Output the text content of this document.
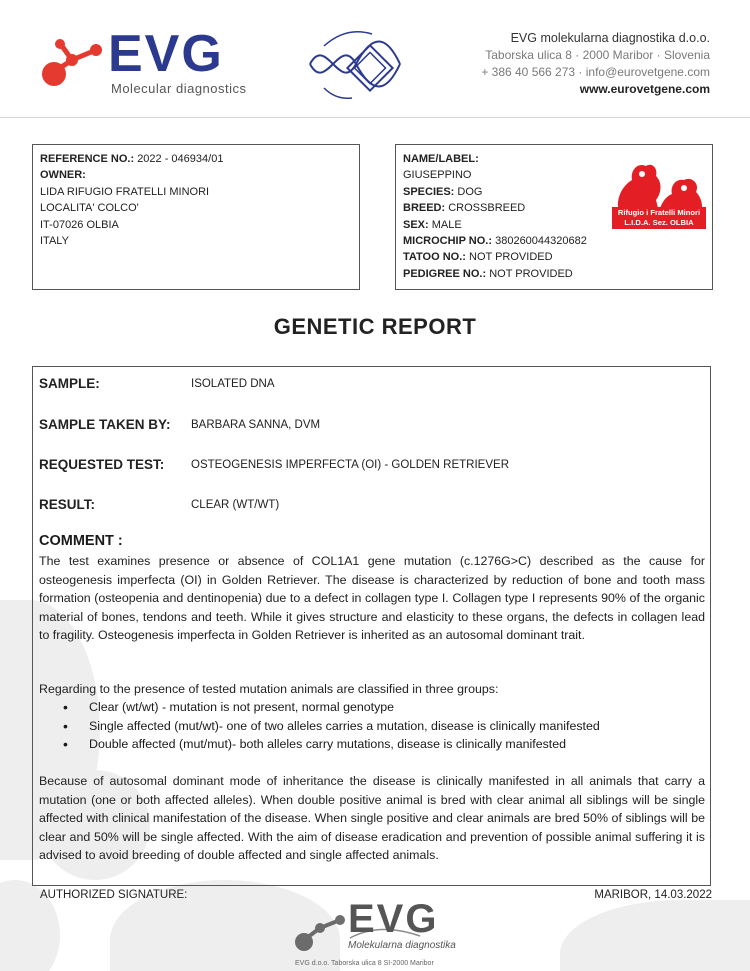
EVG
Molecular diagnostics
EVG molekularna diagnostika d.o.o.
Taborska ulica 8 · 2000 Maribor · Slovenia
+ 386 40 566 273 · info@eurovetgene.com
www.eurovetgene.com
REFERENCE NO.: 2022 - 046934/01
OWNER:
LIDA RIFUGIO FRATELLI MINORI
LOCALITA' COLCO'
IT-07026 OLBIA
ITALY
NAME/LABEL:
GIUSEPPINO
SPECIES: DOG
BREED: CROSSBREED
SEX: MALE
MICROCHIP NO.: 380260044320682
TATOO NO.: NOT PROVIDED
PEDIGREE NO.: NOT PROVIDED
Rifugio i Fratelli Minori L.I.D.A. Sez. OLBIA
GENETIC REPORT
SAMPLE:	ISOLATED DNA
SAMPLE TAKEN BY: BARBARA SANNA, DVM
REQUESTED TEST: OSTEOGENESIS IMPERFECTA (OI) - GOLDEN RETRIEVER
RESULT:	CLEAR (WT/WT)
COMMENT :
The test examines presence or absence of COL1A1 gene mutation (c.1276G>C) described as the cause for osteogenesis imperfecta (OI) in Golden Retriever. The disease is characterized by reduction of bone and tooth mass formation (osteopenia and dentinopenia) due to a defect in collagen type I. Collagen type I represents 90% of the organic material of bones, tendons and teeth. While it gives structure and elasticity to these organs, the defects in collagen lead to fragility. Osteogenesis imperfecta in Golden Retriever is inherited as an autosomal dominant trait.
Regarding to the presence of tested mutation animals are classified in three groups:
• Clear (wt/wt) - mutation is not present, normal genotype
• Single affected (mut/wt)- one of two alleles carries a mutation, disease is clinically manifested
• Double affected (mut/mut)- both alleles carry mutations, disease is clinically manifested
Because of autosomal dominant mode of inheritance the disease is clinically manifested in all animals that carry a mutation (one or both affected alleles). When double positive animal is bred with clear animal all siblings will be single affected with clinical manifestation of the disease. When single positive and clear animals are bred 50% of siblings will be clear and 50% will be single affected. With the aim of disease eradication and prevention of possible animal suffering it is advised to avoid breeding of double affected and single affected animals.
AUTHORIZED SIGNATURE:	MARIBOR, 14.03.2022
EVG
Molekularna diagnostika
EVG d.o.o. Taborska ulica 8 SI-2000 Maribor
